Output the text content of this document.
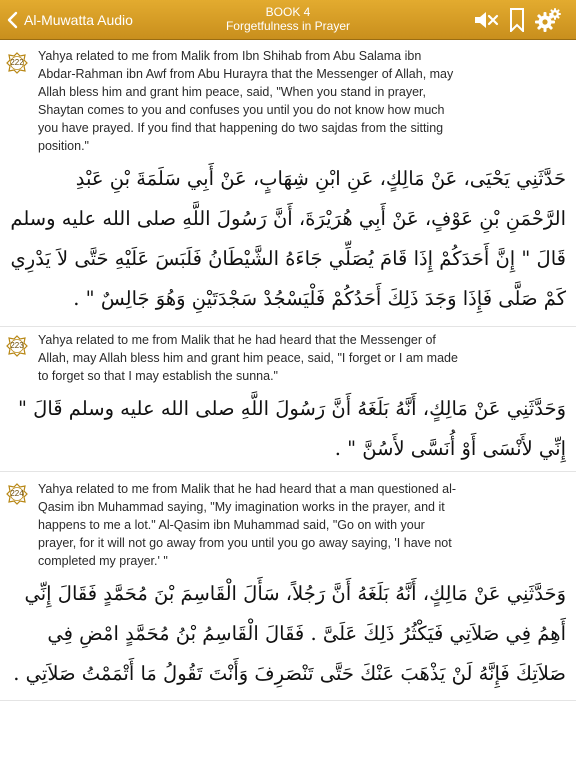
Al-Muwatta Audio	BOOK 4
Forgetfulness in Prayer
222	Yahya related to me from Malik from Ibn Shihab from Abu Salama ibn Abdar-Rahman ibn Awf from Abu Hurayra that the Messenger of Allah, may Allah bless him and grant him peace, said, "When you stand in prayer, Shaytan comes to you and confuses you until you do not know how much you have prayed. If you find that happening do two sajdas from the sitting position."
حَدَّثَنِي يَحْيَى، عَنْ مَالِكٍ، عَنِ ابْنِ شِهَابٍ، عَنْ أَبِي سَلَمَةَ بْنِ عَبْدِ الرَّحْمَنِ بْنِ عَوْفٍ، عَنْ أَبِي هُرَيْرَةَ، أَنَّ رَسُولَ اللَّهِ صلى الله عليه وسلم قَالَ " إِنَّ أَحَدَكُمْ إِذَا قَامَ يُصَلِّي جَاءَهُ الشَّيْطَانُ فَلَبَسَ عَلَيْهِ حَتَّى لاَ يَدْرِي كَمْ صَلَّى فَإِذَا وَجَدَ ذَلِكَ أَحَدُكُمْ فَلْيَسْجُدْ سَجْدَتَيْنِ وَهُوَ جَالِسٌ " .
223	Yahya related to me from Malik that he had heard that the Messenger of Allah, may Allah bless him and grant him peace, said, "I forget or I am made to forget so that I may establish the sunna."
وَحَدَّثَنِي عَنْ مَالِكٍ، أَنَّهُ بَلَغَهُ أَنَّ رَسُولَ اللَّهِ صلى الله عليه وسلم قَالَ " إِنِّي لأَنْسَى أَوْ أُنَسَّى لأَسُنَّ " .
224	Yahya related to me from Malik that he had heard that a man questioned al-Qasim ibn Muhammad saying, "My imagination works in the prayer, and it happens to me a lot." Al-Qasim ibn Muhammad said, "Go on with your prayer, for it will not go away from you until you go away saying, 'I have not completed my prayer.' "
وَحَدَّثَنِي عَنْ مَالِكٍ، أَنَّهُ بَلَغَهُ أَنَّ رَجُلاً، سَأَلَ الْقَاسِمَ بْنَ مُحَمَّدٍ فَقَالَ إِنِّي أَهِمُ فِي صَلاَتِي فَيَكْثُرُ ذَلِكَ عَلَىَّ . فَقَالَ الْقَاسِمُ بْنُ مُحَمَّدٍ امْضِ فِي صَلاَتِكَ فَإِنَّهُ لَنْ يَذْهَبَ عَنْكَ حَتَّى تَنْصَرِفَ وَأَنْتَ تَقُولُ مَا أَتْمَمْتُ صَلاَتِي .
